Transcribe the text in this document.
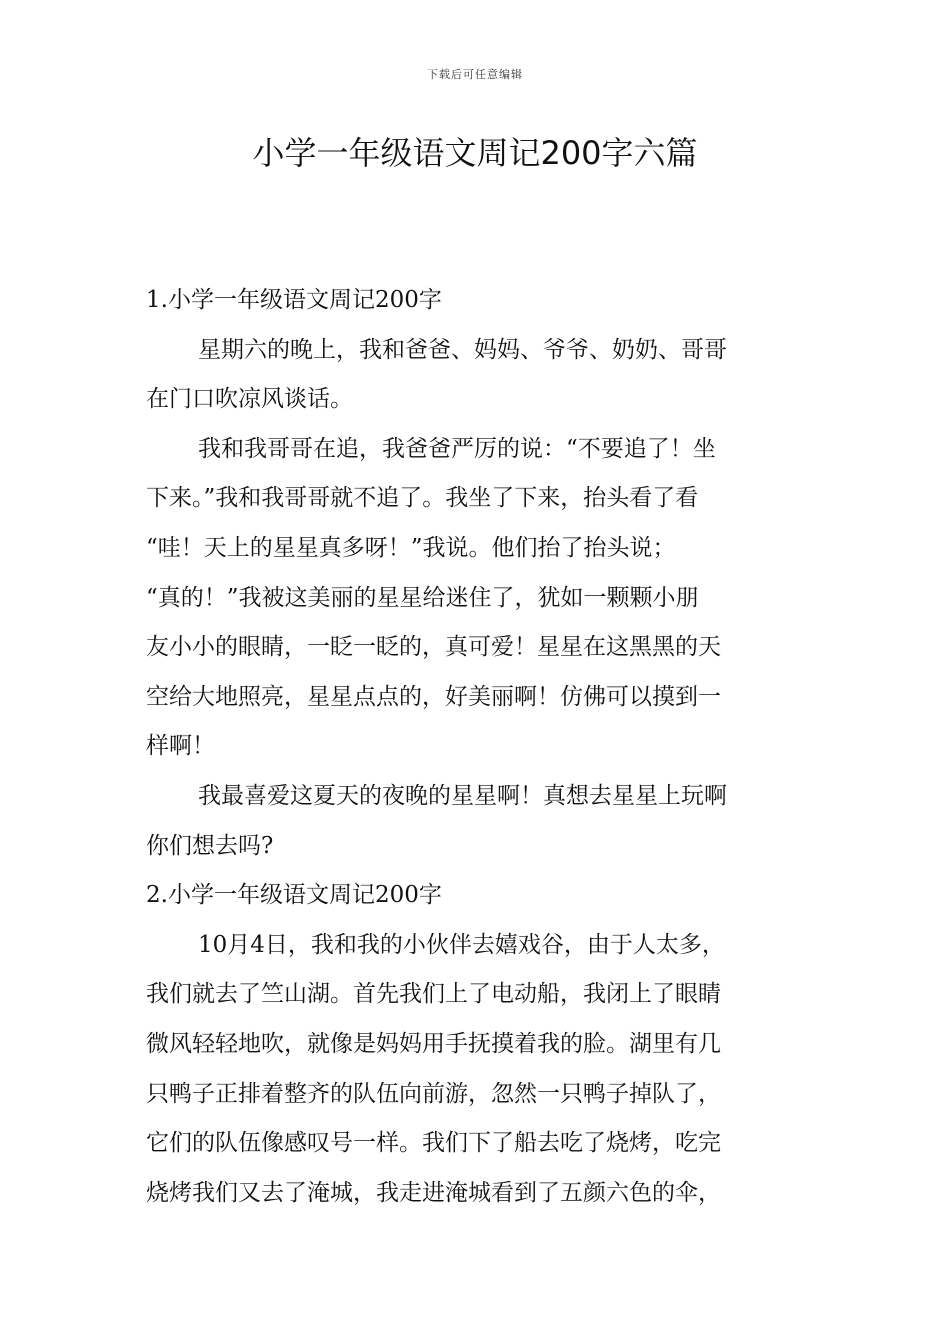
下载后可任意编辑
小学一年级语文周记200字六篇
1.小学一年级语文周记200字
星期六的晚上，我和爸爸、妈妈、爷爷、奶奶、哥哥
在门口吹凉风谈话。
我和我哥哥在追，我爸爸严厉的说：“不要追了！坐
下来。”我和我哥哥就不追了。我坐了下来，抬头看了看
“哇！天上的星星真多呀！”我说。他们抬了抬头说；
“真的！”我被这美丽的星星给迷住了，犹如一颗颗小朋
友小小的眼睛，一眨一眨的，真可爱！星星在这黑黑的天
空给大地照亮，星星点点的，好美丽啊！仿佛可以摸到一
样啊！
我最喜爱这夏天的夜晚的星星啊！真想去星星上玩啊
你们想去吗?
2.小学一年级语文周记200字
10月4日，我和我的小伙伴去嬉戏谷，由于人太多，
我们就去了竺山湖。首先我们上了电动船，我闭上了眼睛
微风轻轻地吹，就像是妈妈用手抚摸着我的脸。湖里有几
只鸭子正排着整齐的队伍向前游，忽然一只鸭子掉队了，
它们的队伍像感叹号一样。我们下了船去吃了烧烤，吃完
烧烤我们又去了淹城，我走进淹城看到了五颜六色的伞，
